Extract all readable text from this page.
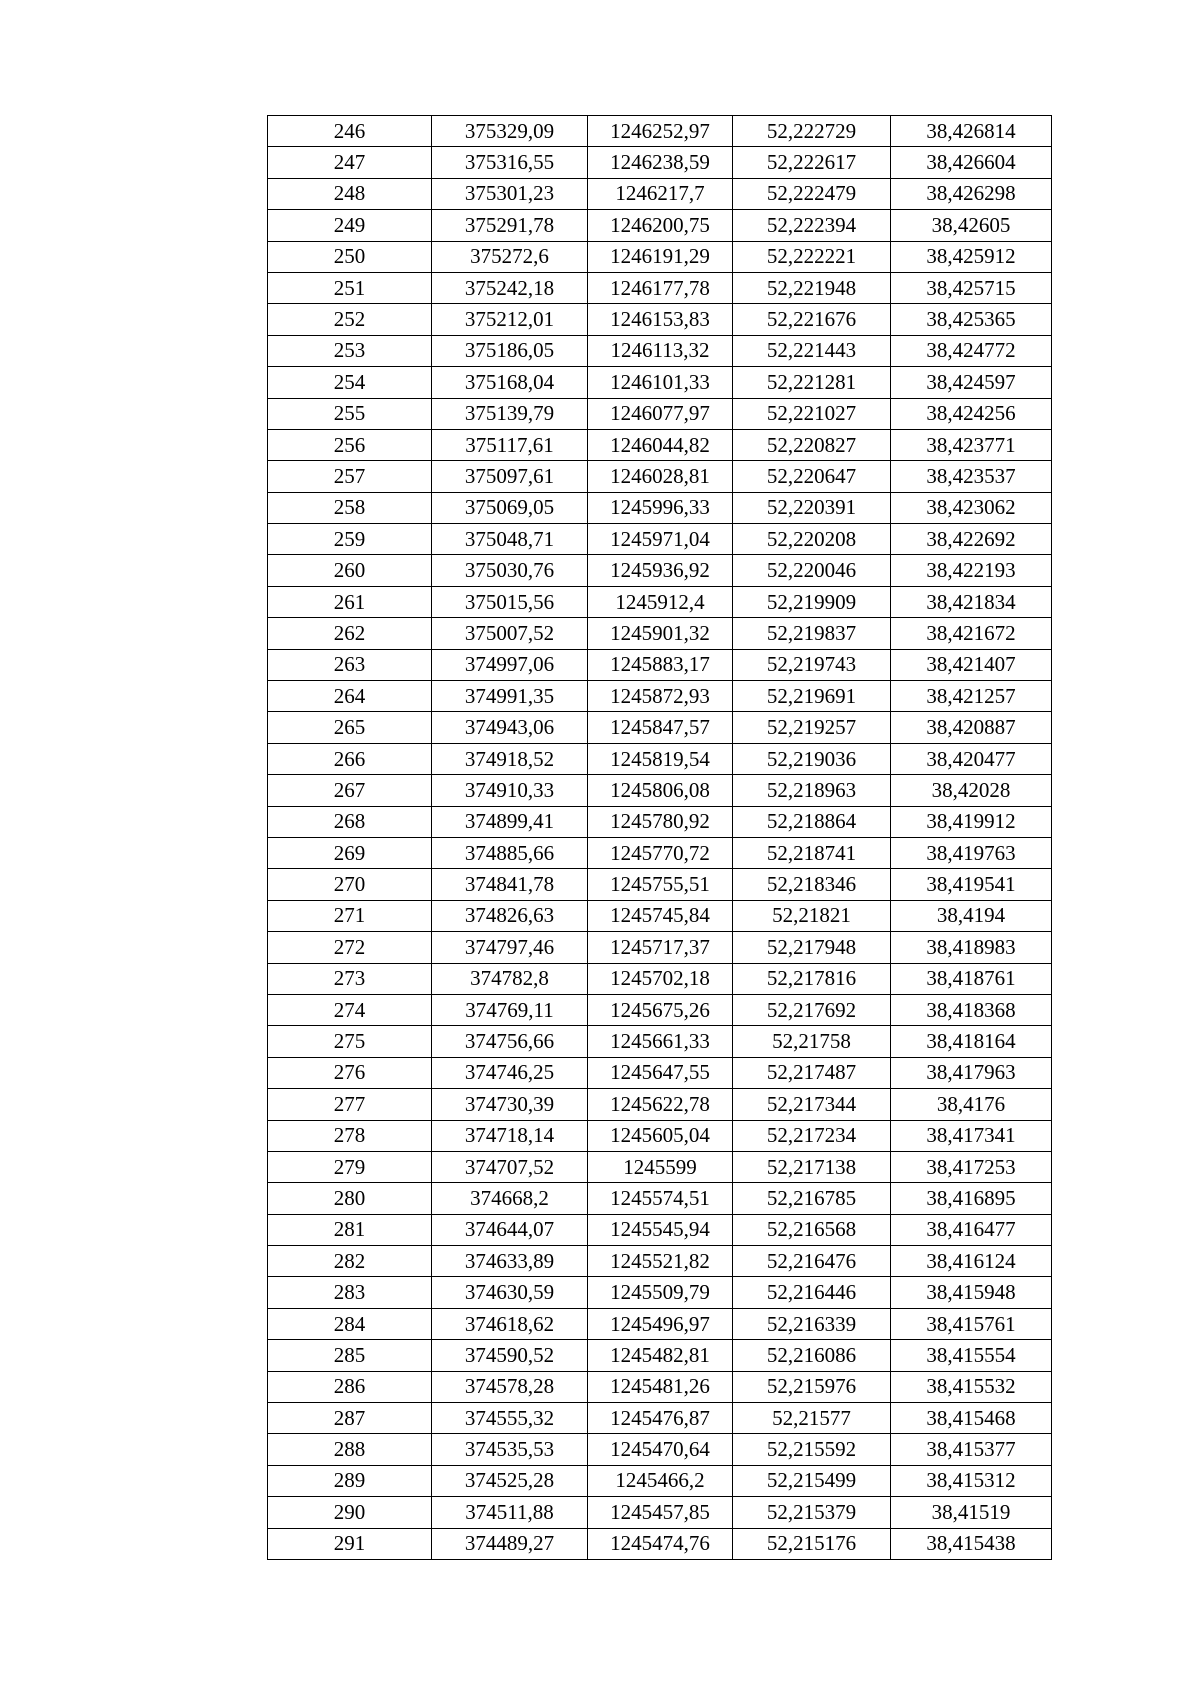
246	375329,09	1246252,97	52,222729	38,426814
247	375316,55	1246238,59	52,222617	38,426604
248	375301,23	1246217,7	52,222479	38,426298
249	375291,78	1246200,75	52,222394	38,42605
250	375272,6	1246191,29	52,222221	38,425912
251	375242,18	1246177,78	52,221948	38,425715
252	375212,01	1246153,83	52,221676	38,425365
253	375186,05	1246113,32	52,221443	38,424772
254	375168,04	1246101,33	52,221281	38,424597
255	375139,79	1246077,97	52,221027	38,424256
256	375117,61	1246044,82	52,220827	38,423771
257	375097,61	1246028,81	52,220647	38,423537
258	375069,05	1245996,33	52,220391	38,423062
259	375048,71	1245971,04	52,220208	38,422692
260	375030,76	1245936,92	52,220046	38,422193
261	375015,56	1245912,4	52,219909	38,421834
262	375007,52	1245901,32	52,219837	38,421672
263	374997,06	1245883,17	52,219743	38,421407
264	374991,35	1245872,93	52,219691	38,421257
265	374943,06	1245847,57	52,219257	38,420887
266	374918,52	1245819,54	52,219036	38,420477
267	374910,33	1245806,08	52,218963	38,42028
268	374899,41	1245780,92	52,218864	38,419912
269	374885,66	1245770,72	52,218741	38,419763
270	374841,78	1245755,51	52,218346	38,419541
271	374826,63	1245745,84	52,21821	38,4194
272	374797,46	1245717,37	52,217948	38,418983
273	374782,8	1245702,18	52,217816	38,418761
274	374769,11	1245675,26	52,217692	38,418368
275	374756,66	1245661,33	52,21758	38,418164
276	374746,25	1245647,55	52,217487	38,417963
277	374730,39	1245622,78	52,217344	38,4176
278	374718,14	1245605,04	52,217234	38,417341
279	374707,52	1245599	52,217138	38,417253
280	374668,2	1245574,51	52,216785	38,416895
281	374644,07	1245545,94	52,216568	38,416477
282	374633,89	1245521,82	52,216476	38,416124
283	374630,59	1245509,79	52,216446	38,415948
284	374618,62	1245496,97	52,216339	38,415761
285	374590,52	1245482,81	52,216086	38,415554
286	374578,28	1245481,26	52,215976	38,415532
287	374555,32	1245476,87	52,21577	38,415468
288	374535,53	1245470,64	52,215592	38,415377
289	374525,28	1245466,2	52,215499	38,415312
290	374511,88	1245457,85	52,215379	38,41519
291	374489,27	1245474,76	52,215176	38,415438
